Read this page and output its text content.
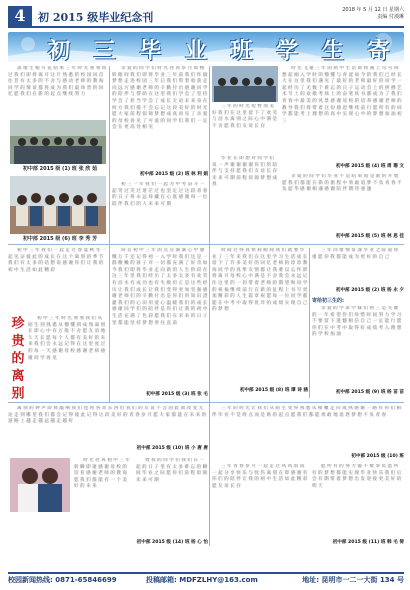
4	初 2015 级毕业纪念刊
2018 年 5 月 12 日 星期六
责编 付漫琳
初 三 毕 业 班 学 生 寄
落 地 生 根 开 花 结 果 三 年 时 光 匆 匆 而 过 我 们 即 将 离 开 这 片 熟 悉 的 校 园 回 首 往 昔 有 太 多 的 不 舍 与 感 动 老 师 的 教 诲 同 学 的 情 谊 都 将 成 为 我 们 最 珍 贵 的 回 忆 愿 我 们 在 新 的 起 点 继 续 努 力
初中部 2015 级 (1) 班 张 欣 茹
亲 爱 的 同 学 们 时 光 荏 苒 岁 月 如 梭 转 眼 间 我 们 即 将 毕 业 三 年 前 我 们 怀 揣 梦 想 走 进 校 园 三 年 后 我 们 带 着 收 获 走 向 远 方 感 谢 老 师 的 辛 勤 付 出 感 谢 同 学 的 陪 伴 与 帮 助 在 这 里 我 们 学 会 了 坚 持 学 会 了 担 当 学 会 了 成 长 无 论 未 来 身 在 何 方 我 们 都 不 会 忘 记 这 段 美 好 的 时 光 愿 大 家 前 程 似 锦 梦 想 成 真 再 见 了 亲 爱 的 母 校 再 见 了 可 爱 的 同 学 们 我 们 一 定 会 在 更 高 处 相 见
初中部 2015 级 (2) 班 林 利 娟
初 三 一 年 我 们 一 起 为 中 考 奋 斗 一 起 哭 过 笑 过 迷 茫 过 也 坚 定 过 这 段 青 春 的 日 子 将 永 远 珍 藏 在 心 底 感 谢 每 一 位 陪 伴 我 们 的 人 未 来 可 期
三 年 的 时 光 短 暂 而 美 好 我 们 在 这 里 留 下 了 欢 笑 与 泪 水 离 别 之 际 心 中 满 是 不 舍 愿 我 们 友 谊 长 存
时 光 飞 逝 三 年 的 初 中 生 活 即 将 画 上 句 号 回 想 起 刚 入 学 时 的 懵 懂 与 青 涩 如 今 的 我 们 已 经 长 大 在 这 里 我 们 遇 见 了 最 好 的 老 师 最 好 的 同 学 一 起 经 历 了 无 数 个 难 忘 的 日 子 运 动 会 上 的 拼 搏 艺 术 节 上 的 欢 歌 考 场 上 的 奋 笔 疾 书 都 成 为 了 我 们 青 春 中 最 美 的 风 景 感 谢 母 校 的 培 养 感 谢 老 师 的 教 导 我 们 将 带 着 这 份 感 恩 继 续 前 行 愿 所 有 的 同 学 都 能 考 上 理 想 的 高 中 实 现 心 中 的 梦 想 加 油 初 三
初中部 2015 级 (4) 班 周 珊 文
亲 爱 的 同 学 们 毕 业 不 是 结 束 而 是 新 的 开 始 愿 我 们 都 能 在 新 的 旅 程 中 勇 敢 追 梦 不 负 青 春 不 负 韶 华 感 谢 相 遇 感 谢 陪 伴 期 待 重 逢
初中部 2015 级 (5) 班 林 思 佳
初中部 2015 级 (6) 班 李 秀 芳
初 中 三 年 我 们 一 起 走 过 春 夏 秋 冬 一 起 见 证 彼 此 的 成 长 在 这 个 离 别 的 季 节 我 们 有 太 多 的 话 想 说 感 谢 你 们 让 我 的 初 中 生 活 如 此 精 彩
珍 贵 的 离 别	初 中 三 年 时 光 匆 匆 我 们 从 陌 生 到 熟 悉 从 懵 懂 到 成 熟 离 别 在 即 心 中 有 万 般 不 舍 愿 友 谊 地 久 天 长 愿 每 个 人 都 有 美 好 的 未 来 我 们 会 永 远 记 得 在 这 里 度 过 的 每 一 天 感 谢 母 校 感 谢 老 师 感 谢 同 学 再 见
回 首 初 中 三 年 的 点 点 滴 滴 心 中 感 慨 万 千 还 记 得 初 一 入 学 时 我 们 还 是 一 群 稚 嫩 的 孩 子 对 一 切 都 充 满 了 好 奇 如 今 我 们 即 将 毕 业 走 向 新 的 人 生 阶 段 在 这 三 年 里 我 们 经 历 了 太 多 太 多 有 欢 笑 有 泪 水 有 成 功 也 有 失 败 但 正 是 这 些 经 历 让 我 们 成 长 让 我 们 变 得 更 加 坚 强 感 谢 老 师 们 的 辛 勤 付 出 是 你 们 用 知 识 浇 灌 我 们 的 心 田 用 爱 心 温 暖 我 们 的 成 长 感 谢 同 学 们 的 陪 伴 是 你 们 让 我 的 初 中 生 活 充 满 了 色 彩 愿 我 们 在 未 来 的 日 子 里 都 能 坚 持 梦 想 勇 往 直 前
初中部 2015 级 (3) 班 张 毛
毕 业 在 即 想 对 同 学 们 说 一 声 谢 谢 谢 谢 你 们 的 陪 伴 与 支 持 愿 我 们 友 谊 长 存 未 来 可 期 前 程 似 锦 梦 想 成 真
时 间 过 得 真 快 转 眼 间 我 们 就 要 毕 业 了 三 年 来 我 们 在 这 里 学 习 生 活 成 长 留 下 了 许 多 美 好 的 回 忆 老 师 的 谆 谆 教 诲 同 学 的 真 挚 友 情 都 让 我 难 以 忘 怀 即 将 离 开 母 校 心 中 满 是 不 舍 我 会 永 远 记 住 这 里 的 一 切 带 着 老 师 的 期 望 和 同 学 的 祝 福 继 续 前 行 在 新 的 征 程 上 书 写 更 加 精 彩 的 人 生 篇 章 祝 愿 每 一 位 同 学 都 能 在 中 考 中 取 得 优 异 的 成 绩 实 现 自 己 的 梦 想
初中部 2015 级 (8) 班 谭 诗 涵
三 年 同 窗 情 谊 深 毕 业 之 际 道 珍 重 愿 你 我 都 能 成 为 更 好 的 自 己
初中部 2015 级 (2) 班 杨 永 夕
寄给初三生的:
亲 爱 的 学 弟 学 妹 们 初 三 是 关 键 的 一 年 希 望 你 们 珍 惜 时 间 努 力 学 习 不 要 留 下 遗 憾 相 信 自 己 一 定 能 行 愿 你 们 在 中 考 中 取 得 好 成 绩 考 入 理 想 的 学 校 加 油
初中部 2015 级 (9) 班 杨 苗 苗
离 别 的 钟 声 即 将 敲 响 我 们 也 将 各 奔 东 西 但 我 们 的 友 谊 不 会 因 此 而 改 变 无 论 走 到 哪 里 我 们 都 会 记 得 彼 此 记 得 这 段 美 好 的 青 春 岁 月 愿 大 家 都 能 在 未 来 的 道 路 上 越 走 越 远 越 走 越 好
初中部 2015 级 (10) 班 小 唐 唐
三 年 的 时 光 让 我 们 从 陌 生 变 得 熟 悉 从 稚 嫩 走 向 成 熟 感 谢 一 路 有 你 们 相 伴 毕 业 不 是 终 点 而 是 新 的 起 点 愿 我 们 都 能 勇 敢 地 追 逐 梦 想 不 负 青 春
初中部 2015 级 (10) 班
时 光 荏 苒 初 中 三 年 转 瞬 即 逝 感 谢 母 校 的 培 育 感 谢 老 师 的 教 诲 愿 我 们 都 能 有 一 个 美 好 的 未 来
致 我 的 同 学 们 我 们 在 一 起 的 日 子 里 有 太 多 难 忘 的 瞬 间 毕 业 之 际 愿 你 们 前 程 似 锦 未 来 可 期
三 年 青 春 岁 月 一 起 走 过 风 风 雨 雨 一 起 分 享 快 乐 与 忧 伤 离 别 在 即 感 谢 有 你 们 的 陪 伴 让 我 的 初 中 生 活 如 此 精 彩 愿 友 谊 长 存
愿 所 有 的 努 力 都 不 被 辜 负 愿 所 有 的 梦 想 都 能 实 现 毕 业 快 乐 我 们 后 会 有 期 带 着 梦 想 出 发 迎 接 更 美 好 的 明 天
初中部 2015 级 (14) 班 杨 心 怡	初中部 2015 级 (11) 班 韩 毛 倚
校园新闻热线: 0871-65846699	投稿邮箱: MDFZLHY@163.com	地址: 昆明市一二一大街 134 号
